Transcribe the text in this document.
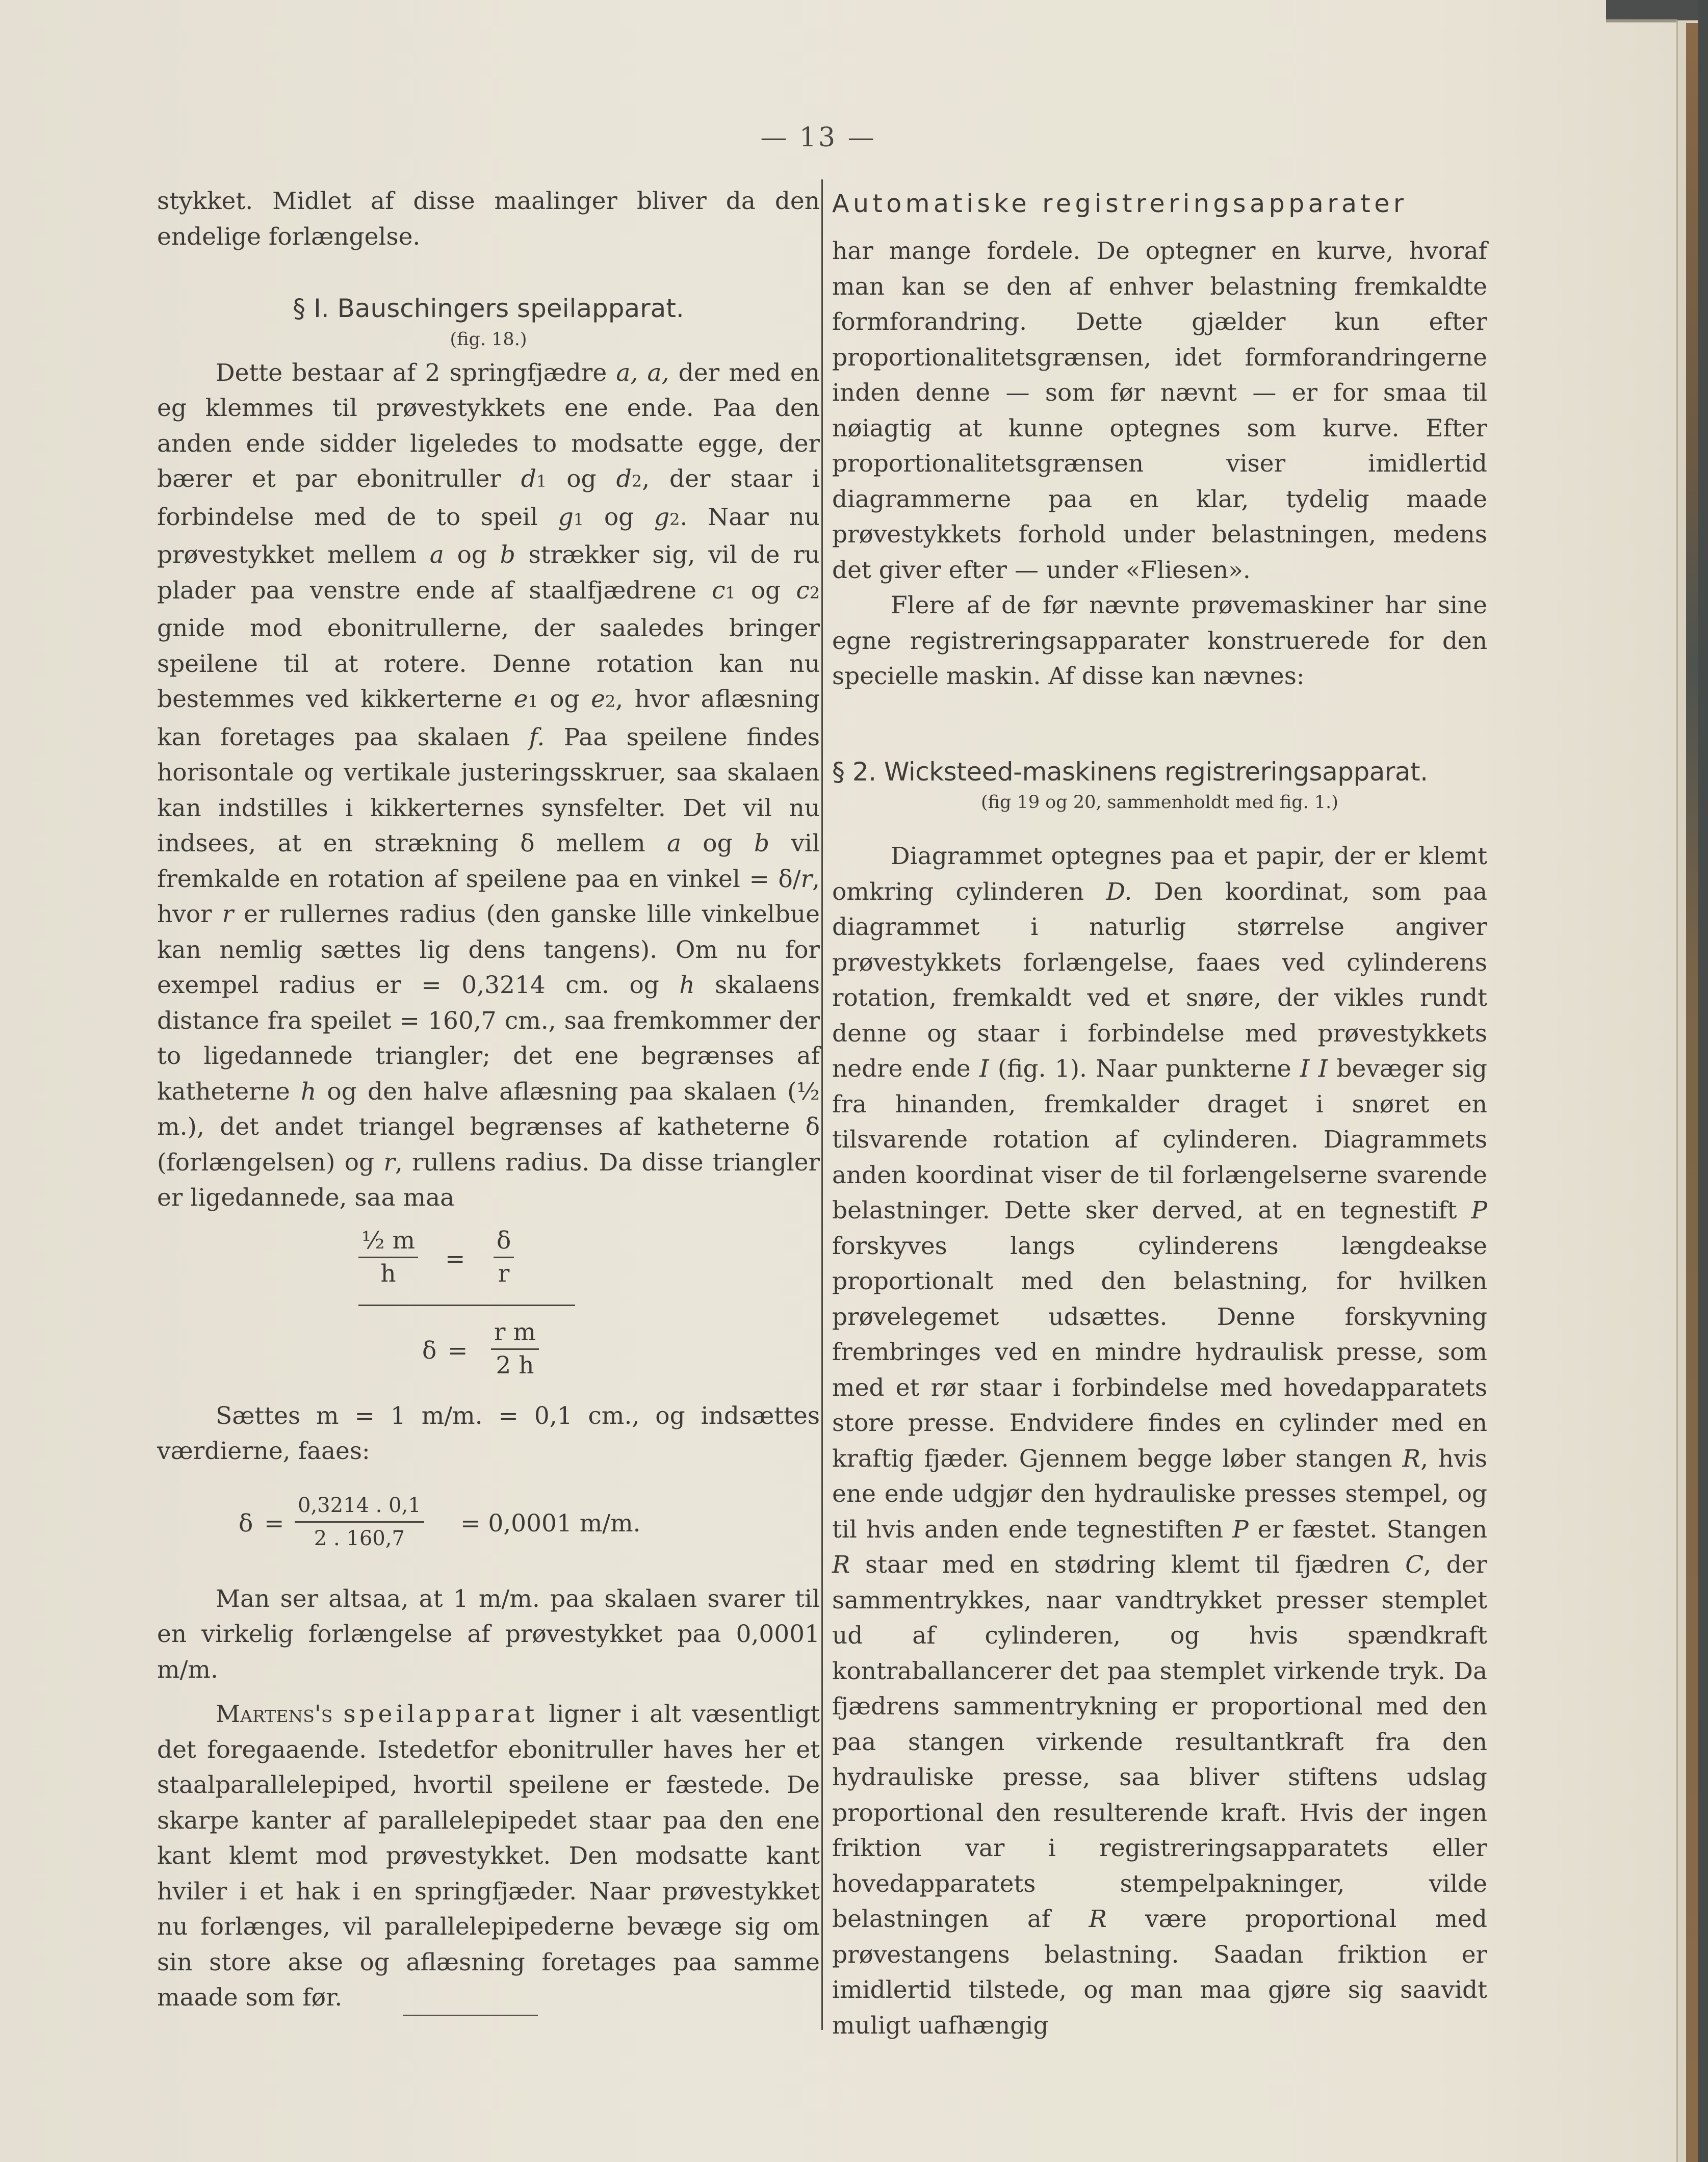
— 13 —

stykket. Midlet af disse maalinger bliver da den endelige forlængelse.

§ I. Bauschingers speilapparat.

(fig. 18.)

Dette bestaar af 2 springfjædre a, a, der med en eg klemmes til prøvestykkets ene ende. Paa den anden ende sidder ligeledes to modsatte egge, der bærer et par ebonitruller d1 og d2, der staar i forbindelse med de to speil g1 og g2. Naar nu prøvestykket mellem a og b strækker sig, vil de ru plader paa venstre ende af staalfjædrene c1 og c2 gnide mod ebonitrullerne, der saaledes bringer speilene til at rotere. Denne rotation kan nu bestemmes ved kikkerterne e1 og e2, hvor aflæsning kan foretages paa skalaen f. Paa speilene findes horisontale og vertikale justeringsskruer, saa skalaen kan indstilles i kikkerternes synsfelter. Det vil nu indsees, at en strækning δ mellem a og b vil fremkalde en rotation af speilene paa en vinkel = δ/r, hvor r er rullernes radius (den ganske lille vinkelbue kan nemlig sættes lig dens tangens). Om nu for exempel radius er = 0,3214 cm. og h skalaens distance fra speilet = 160,7 cm., saa fremkommer der to ligedannede triangler; det ene begrænses af katheterne h og den halve aflæsning paa skalaen (½ m.), det andet triangel begrænses af katheterne δ (forlængelsen) og r, rullens radius. Da disse triangler er ligedannede, saa maa

$\frac{\text{½ m}}{h} = \frac{\delta}{r}$
$\delta = \frac{\text{r m}}{2 h}$

Sættes m = 1 m/m. = 0,1 cm., og indsættes værdierne, faaes:

$\delta = \frac{0,3214 . 0,1}{2 . 160,7} = 0,0001$ m/m.

Man ser altsaa, at 1 m/m. paa skalaen svarer til en virkelig forlængelse af prøvestykket paa 0,0001 m/m.

Martens's speilapparat ligner i alt væsentligt det foregaaende. Istedetfor ebonitruller haves her et staalparallelepiped, hvortil speilene er fæstede. De skarpe kanter af parallelepipedet staar paa den ene kant klemt mod prøvestykket. Den modsatte kant hviler i et hak i en springfjæder. Naar prøvestykket nu forlænges, vil parallelepipederne bevæge sig om sin store akse og aflæsning foretages paa samme maade som før.

Automatiske registreringsapparater

har mange fordele. De optegner en kurve, hvoraf man kan se den af enhver belastning fremkaldte formforandring. Dette gjælder kun efter proportionalitetsgrænsen, idet formforandringerne inden denne — som før nævnt — er for smaa til nøiagtig at kunne optegnes som kurve. Efter proportionalitetsgrænsen viser imidlertid diagrammerne paa en klar, tydelig maade prøvestykkets forhold under belastningen, medens det giver efter — under «Fliesen».

Flere af de før nævnte prøvemaskiner har sine egne registreringsapparater konstruerede for den specielle maskin. Af disse kan nævnes:

§ 2. Wicksteed-maskinens registreringsapparat.

(fig 19 og 20, sammenholdt med fig. 1.)

Diagrammet optegnes paa et papir, der er klemt omkring cylinderen D. Den koordinat, som paa diagrammet i naturlig størrelse angiver prøvestykkets forlængelse, faaes ved cylinderens rotation, fremkaldt ved et snøre, der vikles rundt denne og staar i forbindelse med prøvestykkets nedre ende I (fig. 1). Naar punkterne I I bevæger sig fra hinanden, fremkalder draget i snøret en tilsvarende rotation af cylinderen. Diagrammets anden koordinat viser de til forlængelserne svarende belastninger. Dette sker derved, at en tegnestift P forskyves langs cylinderens længdeakse proportionalt med den belastning, for hvilken prøvelegemet udsættes. Denne forskyvning frembringes ved en mindre hydraulisk presse, som med et rør staar i forbindelse med hovedapparatets store presse. Endvidere findes en cylinder med en kraftig fjæder. Gjennem begge løber stangen R, hvis ene ende udgjør den hydrauliske presses stempel, og til hvis anden ende tegnestiften P er fæstet. Stangen R staar med en stødring klemt til fjædren C, der sammentrykkes, naar vandtrykket presser stemplet ud af cylinderen, og hvis spændkraft kontraballancerer det paa stemplet virkende tryk. Da fjædrens sammentrykning er proportional med den paa stangen virkende resultantkraft fra den hydrauliske presse, saa bliver stiftens udslag proportional den resulterende kraft. Hvis der ingen friktion var i registreringsapparatets eller hovedapparatets stempelpakninger, vilde belastningen af R være proportional med prøvestangens belastning. Saadan friktion er imidlertid tilstede, og man maa gjøre sig saavidt muligt uafhængig
